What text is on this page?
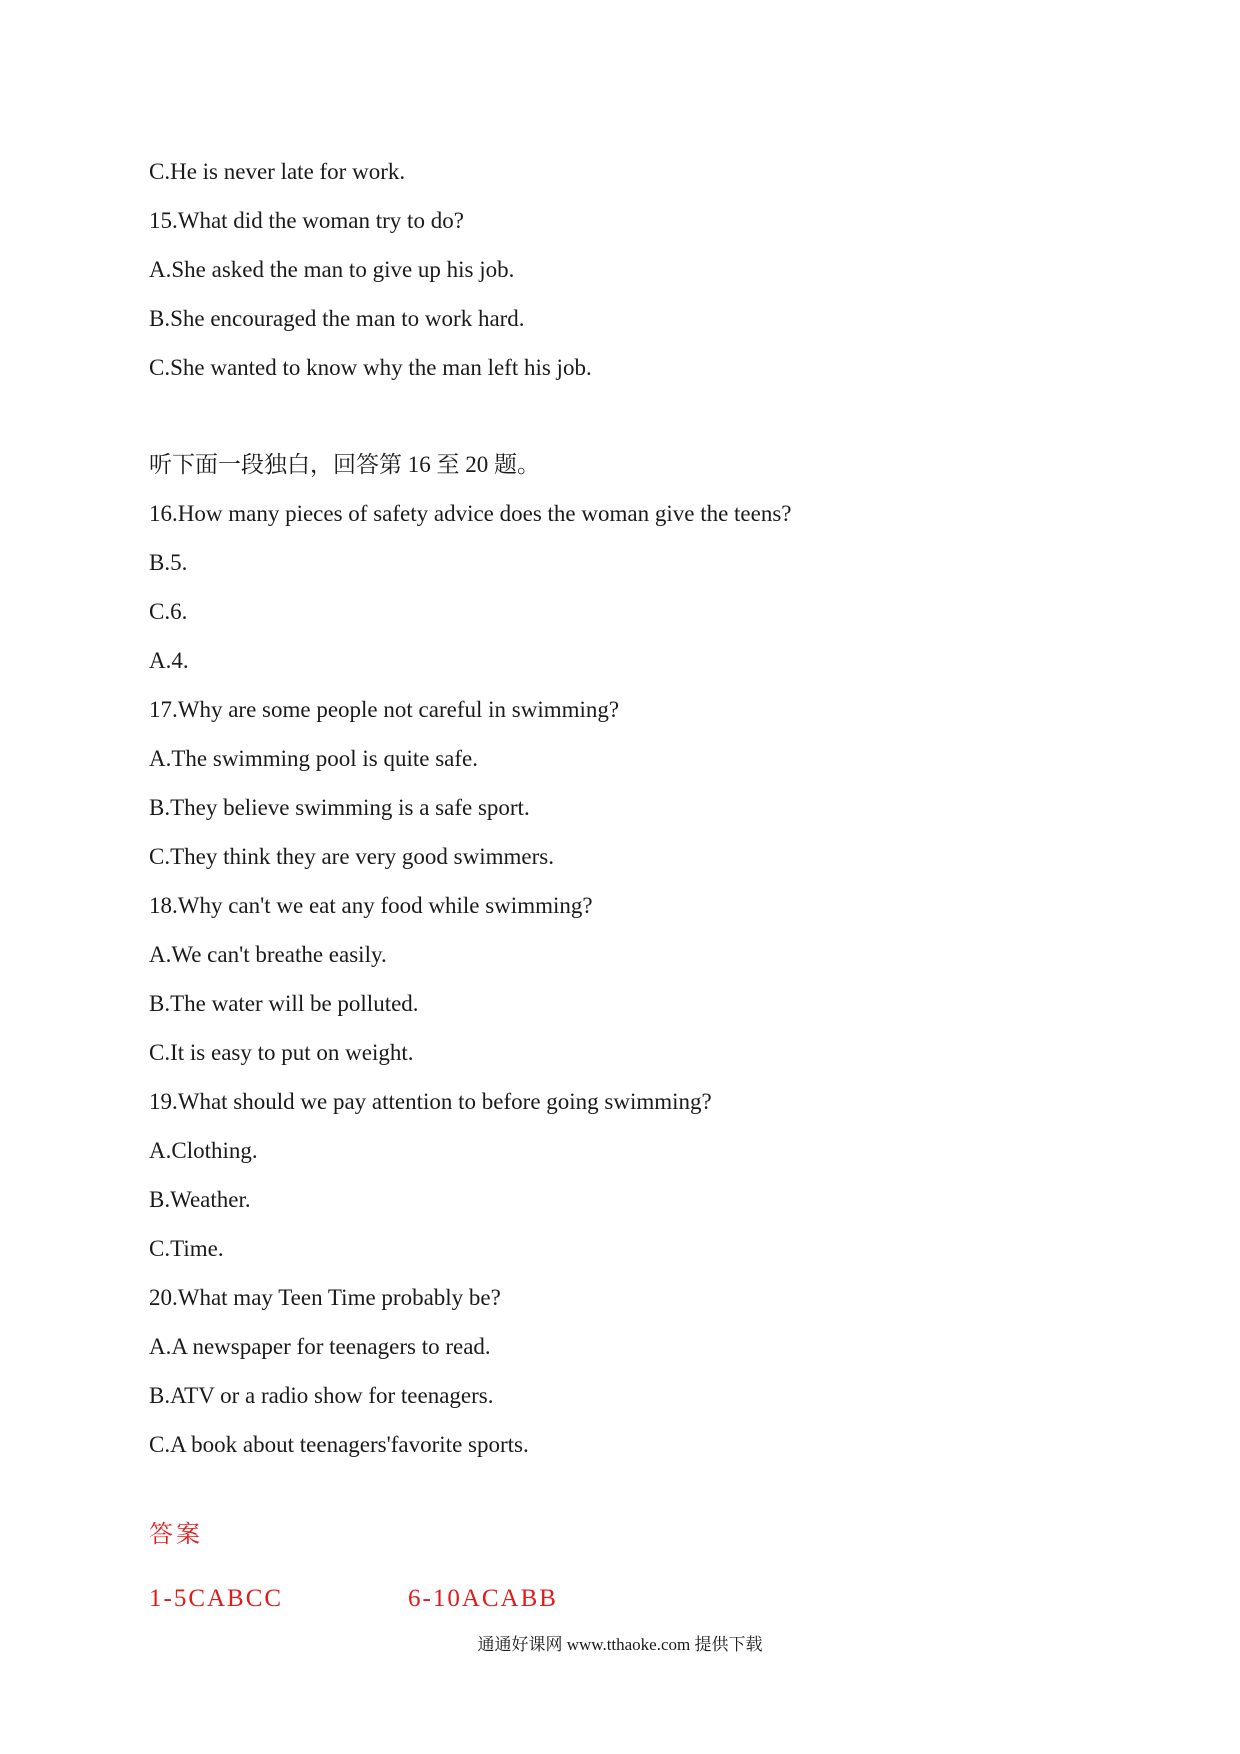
C.He is never late for work.
15.What did the woman try to do?
A.She asked the man to give up his job.
B.She encouraged the man to work hard.
C.She wanted to know why the man left his job.
听下面一段独白，回答第 16 至 20 题。
16.How many pieces of safety advice does the woman give the teens?
B.5.
C.6.
A.4.
17.Why are some people not careful in swimming?
A.The swimming pool is quite safe.
B.They believe swimming is a safe sport.
C.They think they are very good swimmers.
18.Why can't we eat any food while swimming?
A.We can't breathe easily.
B.The water will be polluted.
C.It is easy to put on weight.
19.What should we pay attention to before going swimming?
A.Clothing.
B.Weather.
C.Time.
20.What may Teen Time probably be?
A.A newspaper for teenagers to read.
B.ATV or a radio show for teenagers.
C.A book about teenagers'favorite sports.
答案
1-5CABCC	6-10ACABB
通通好课网 www.tthaoke.com 提供下载
